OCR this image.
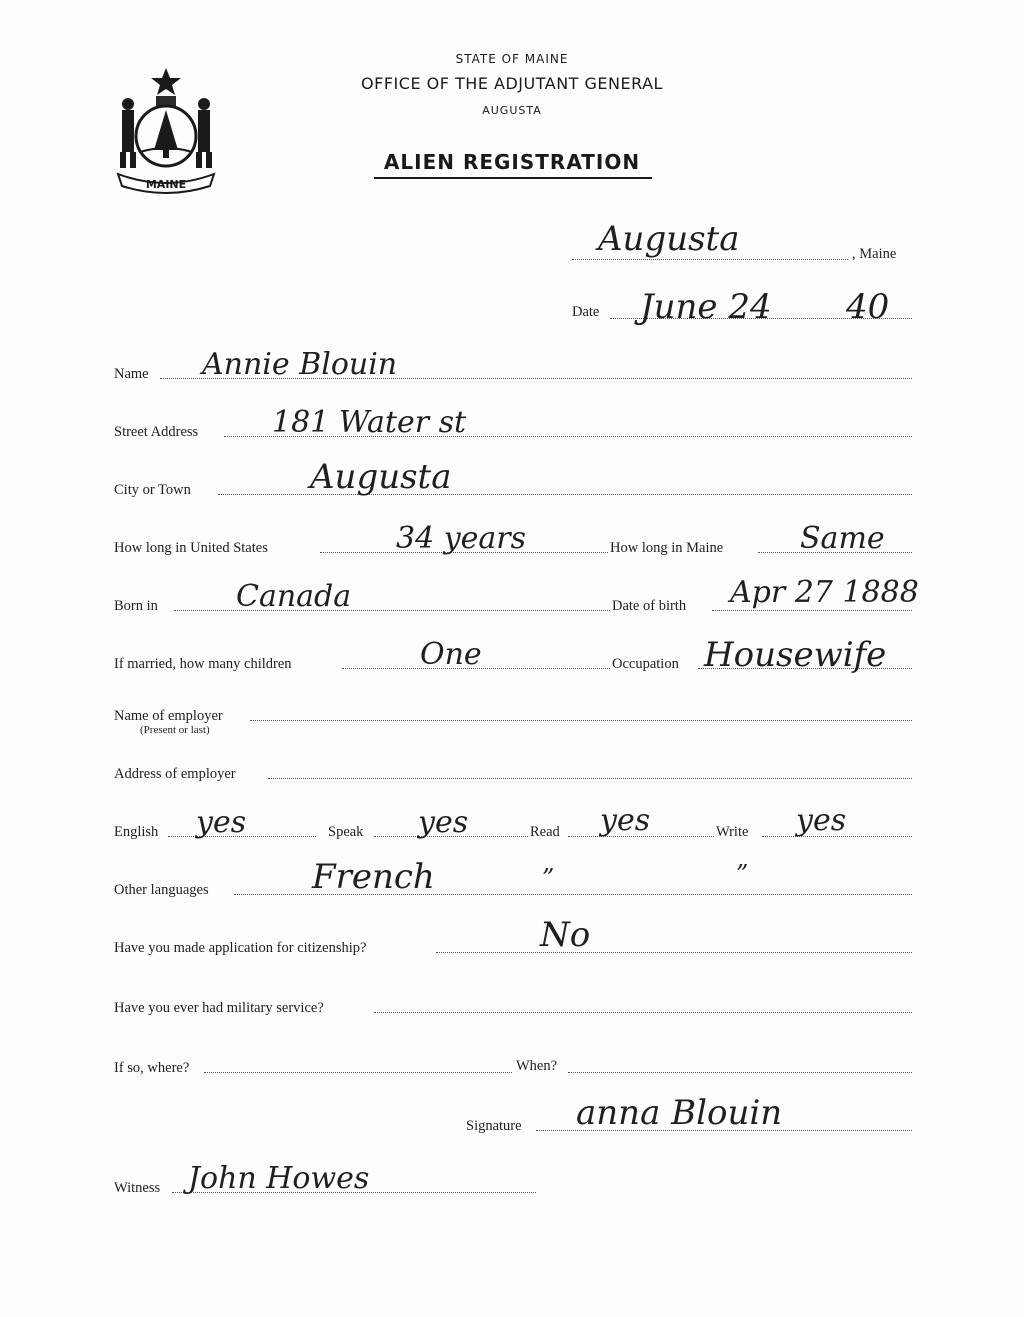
MAINE
STATE OF MAINE
OFFICE OF THE ADJUTANT GENERAL
AUGUSTA
ALIEN REGISTRATION
Augusta	, Maine
Date June 24 40
Name Annie Blouin
Street Address 181 Water st
City or Town	Augusta
How long in United States	34 years	How long in Maine	Same
Born in	Canada	Date of birth Apr 27 1888
If married, how many children	One	Occupation Housewife
Name of employer
(Present or last)
Address of employer
English yes	Speak yes	Read yes	Write yes
Other languages	French	”	”
Have you made application for citizenship?	No
Have you ever had military service?
If so, where?	When?
Signature anna Blouin
Witness John Howes
